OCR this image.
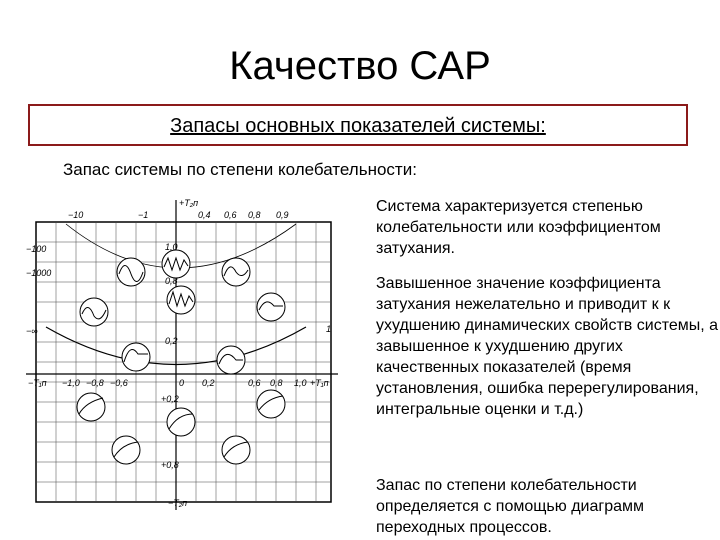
Качество САР
Запасы основных показателей системы:
Запас системы по степени колебательности:
Система характеризуется степенью колебательности или коэффициентом затухания.
Завышенное значение коэффициента затухания нежелательно и приводит к к ухудшению динамических свойств системы, а завышенное к ухудшению других качественных показателей (время установления, ошибка перерегулирования, интегральные оценки и т.д.)
Запас по степени колебательности определяется с помощью диаграмм переходных процессов.
−10	−1
+T₂п
0,4 0,6 0,8 0,9
−100
−1000
−∞	1
−T₁п	+T₁п
−1,0 −0,8 −0,6	0 0,2	0,6 0,8 1,0
1,0
0,8
0,2
+0,2
+0,8
−T₂п
